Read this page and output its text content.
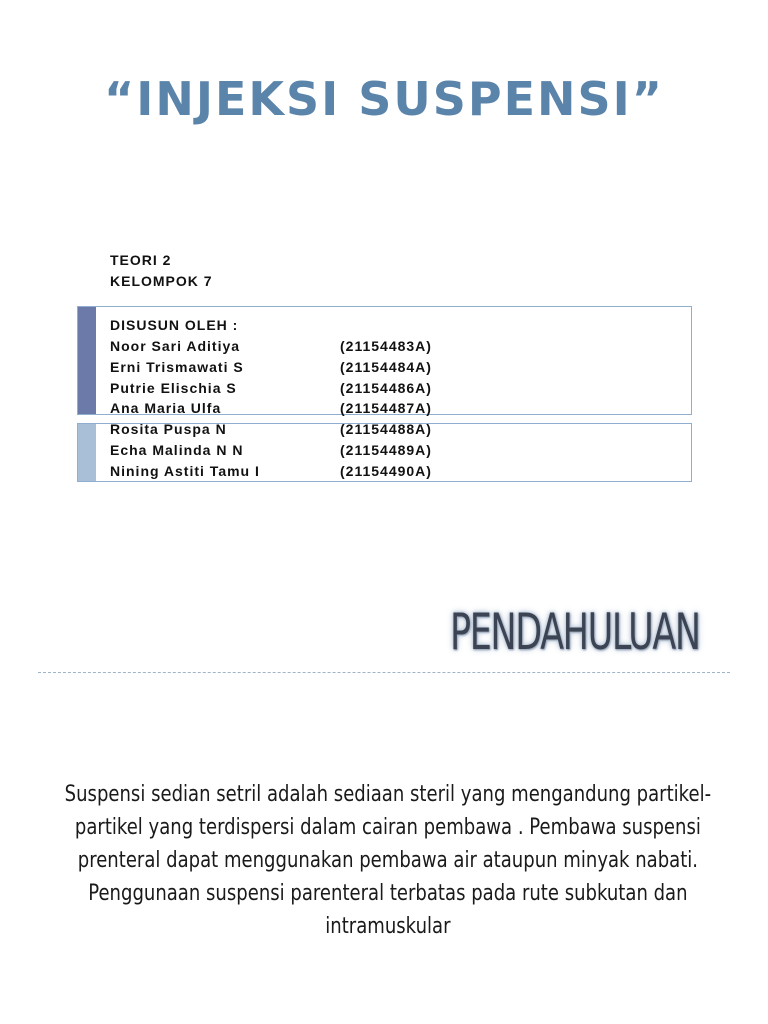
“INJEKSI SUSPENSI”
TEORI 2
KELOMPOK 7
DISUSUN OLEH :
Noor Sari Aditiya	(21154483A)
Erni Trismawati S	(21154484A)
Putrie Elischia S	(21154486A)
Ana Maria Ulfa	(21154487A)
Rosita Puspa N	(21154488A)
Echa Malinda N N	(21154489A)
Nining Astiti Tamu I	(21154490A)
PENDAHULUAN
Suspensi sedian setril adalah sediaan steril yang mengandung partikel-partikel yang terdispersi dalam cairan pembawa . Pembawa suspensi prenteral dapat menggunakan pembawa air ataupun minyak nabati. Penggunaan suspensi parenteral terbatas pada rute subkutan dan intramuskular
